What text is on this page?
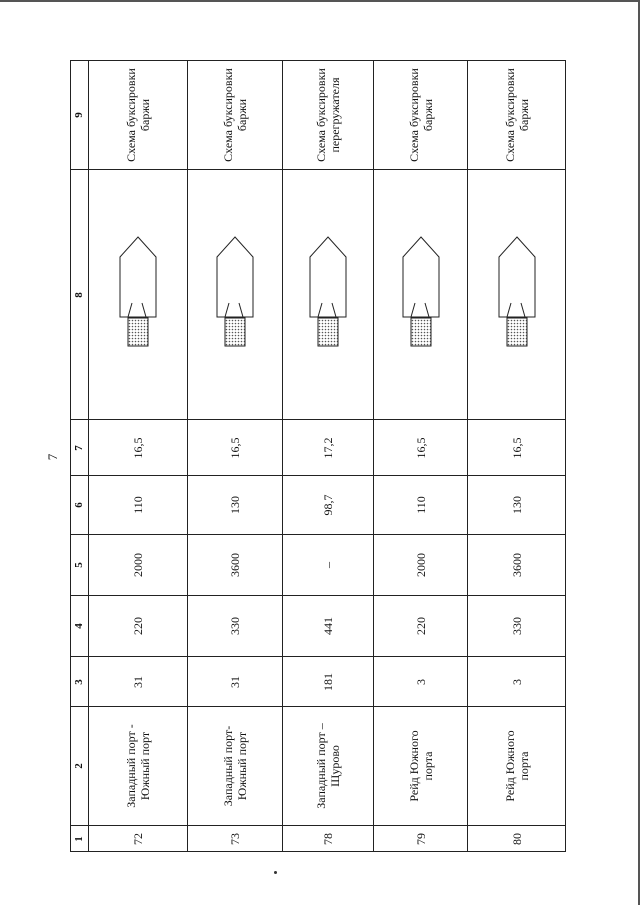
7
1
2
3
4
5
6
7
8
9
72
Западный порт -
Южный порт
31
220
2000
110
16,5
Схема буксировки
баржи
73
Западный порт-
Южный порт
31
330
3600
130
16,5
Схема буксировки
баржи
78
Западный порт –
Щурово
181
441
–
98,7
17,2
Схема буксировки
перегружателя
79
Рейд Южного
порта
3
220
2000
110
16,5
Схема буксировки
баржи
80
Рейд Южного
порта
3
330
3600
130
16,5
Схема буксировки
баржи
